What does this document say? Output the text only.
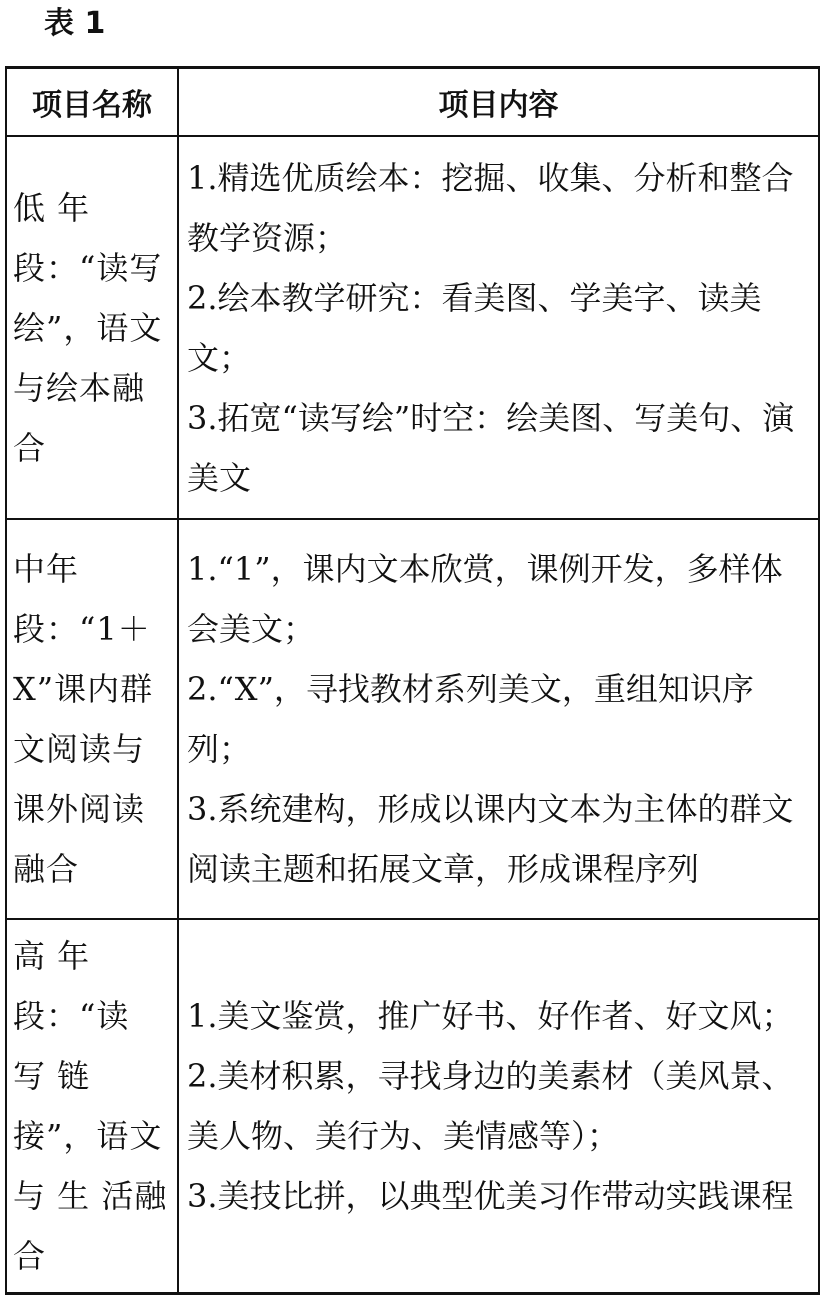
表 1
项目名称	项目内容
低 年 段：“读写绘”，语文与绘本融合	1.精选优质绘本：挖掘、收集、分析和整合教学资源；
2.绘本教学研究：看美图、学美字、读美文；
3.拓宽“读写绘”时空：绘美图、写美句、演美文

中年段：“1＋X”课内群文阅读与课外阅读融合	1.“1”，课内文本欣赏，课例开发，多样体会美文；
2.“X”，寻找教材系列美文，重组知识序列；
3.系统建构，形成以课内文本为主体的群文阅读主题和拓展文章，形成课程序列

高 年 段：“读 写 链接”，语文与 生 活融合	1.美文鉴赏，推广好书、好作者、好文风；
2.美材积累，寻找身边的美素材（美风景、美人物、美行为、美情感等）；
3.美技比拼，以典型优美习作带动实践课程
